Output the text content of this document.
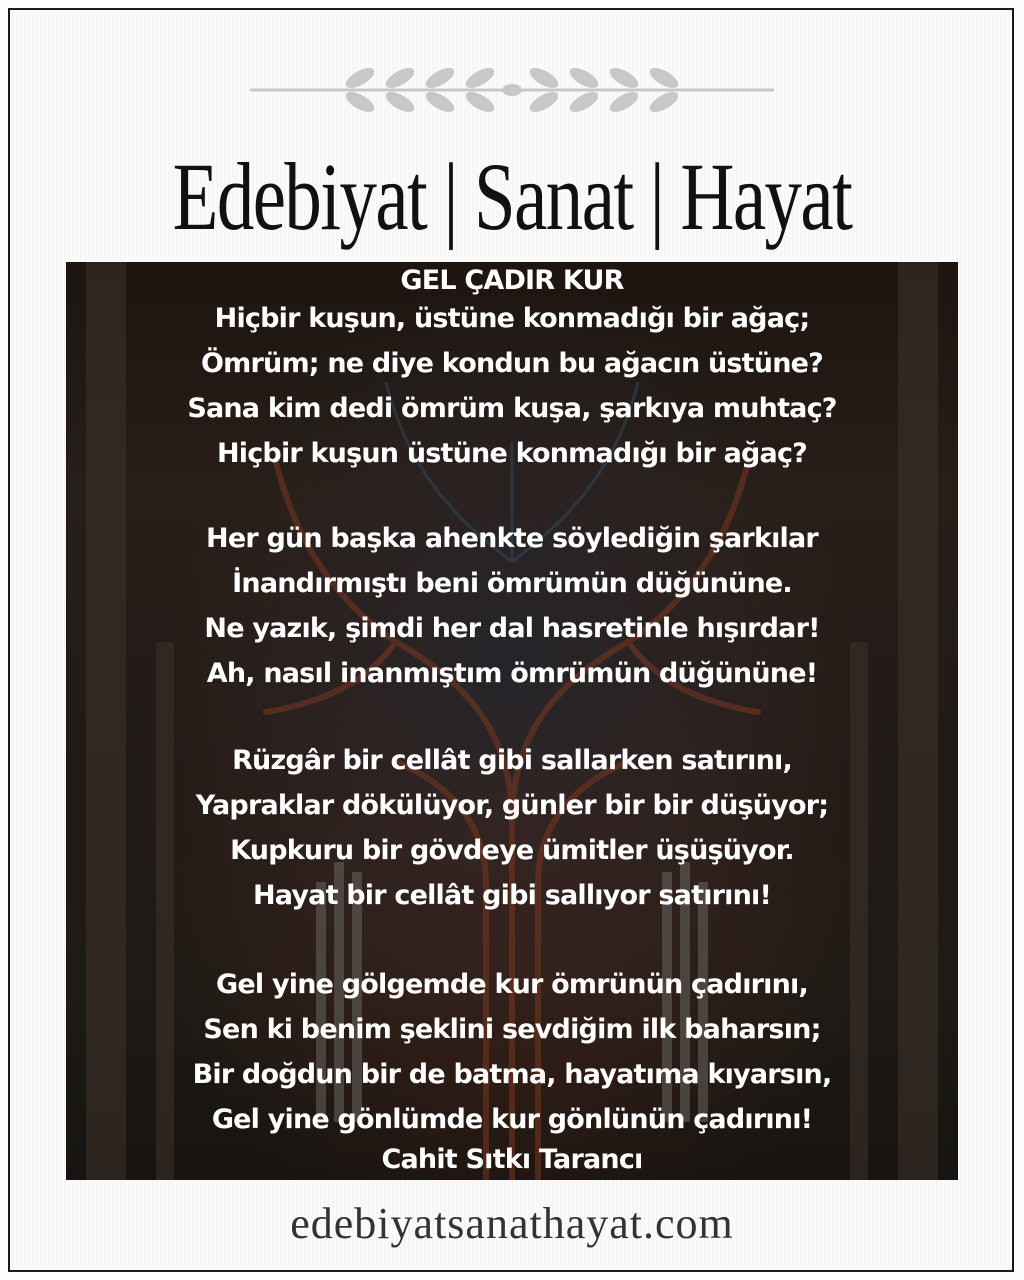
Edebiyat | Sanat | Hayat
GEL ÇADIR KUR
Hiçbir kuşun, üstüne konmadığı bir ağaç;
Ömrüm; ne diye kondun bu ağacın üstüne?
Sana kim dedi ömrüm kuşa, şarkıya muhtaç?
Hiçbir kuşun üstüne konmadığı bir ağaç?
Her gün başka ahenkte söylediğin şarkılar
İnandırmıştı beni ömrümün düğününe.
Ne yazık, şimdi her dal hasretinle hışırdar!
Ah, nasıl inanmıştım ömrümün düğününe!
Rüzgâr bir cellât gibi sallarken satırını,
Yapraklar dökülüyor, günler bir bir düşüyor;
Kupkuru bir gövdeye ümitler üşüşüyor.
Hayat bir cellât gibi sallıyor satırını!
Gel yine gölgemde kur ömrünün çadırını,
Sen ki benim şeklini sevdiğim ilk baharsın;
Bir doğdun bir de batma, hayatıma kıyarsın,
Gel yine gönlümde kur gönlünün çadırını!
Cahit Sıtkı Tarancı
edebiyatsanathayat.com
